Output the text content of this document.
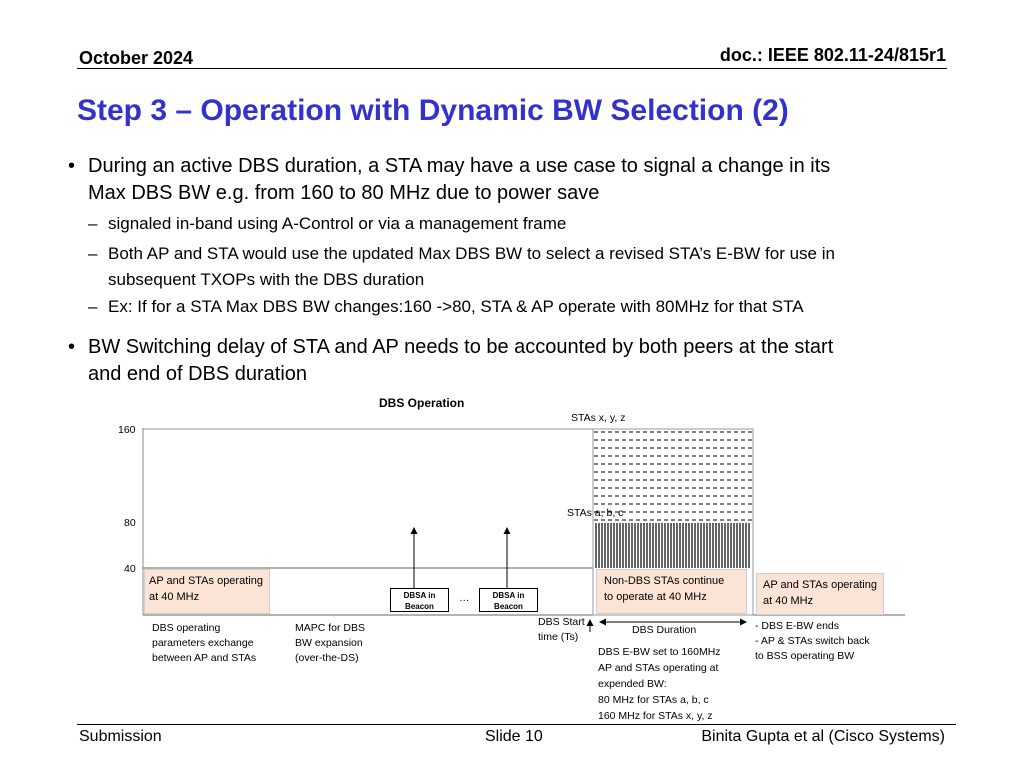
October 2024	doc.: IEEE 802.11-24/815r1
Step 3 – Operation with Dynamic BW Selection (2)
• During an active DBS duration, a STA may have a use case to signal a change in its
Max DBS BW e.g. from 160 to 80 MHz due to power save
– signaled in-band using A-Control or via a management frame
– Both AP and STA would use the updated Max DBS BW to select a revised STA’s E-BW for use in
subsequent TXOPs with the DBS duration
– Ex: If for a STA Max DBS BW changes:160 ->80, STA & AP operate with 80MHz for that STA
• BW Switching delay of STA and AP needs to be accounted by both peers at the start
and end of DBS duration
DBS Operation
STAs x, y, z
STAs a, b, c
160
80
40
AP and STAs operating
at 40 MHz
Non-DBS STAs continue
to operate at 40 MHz
AP and STAs operating
at 40 MHz
DBSA in
Beacon
…	DBSA in
Beacon
DBS operating
parameters exchange
between AP and STAs
MAPC for DBS
BW expansion
(over-the-DS)
DBS Start
time (Ts)
DBS Duration	- DBS E-BW ends
- AP & STAs switch back
to BSS operating BW
DBS E-BW set to 160MHz
AP and STAs operating at
expended BW:
80 MHz for STAs a, b, c
160 MHz for STAs x, y, z
Submission	Slide 10	Binita Gupta et al (Cisco Systems)
